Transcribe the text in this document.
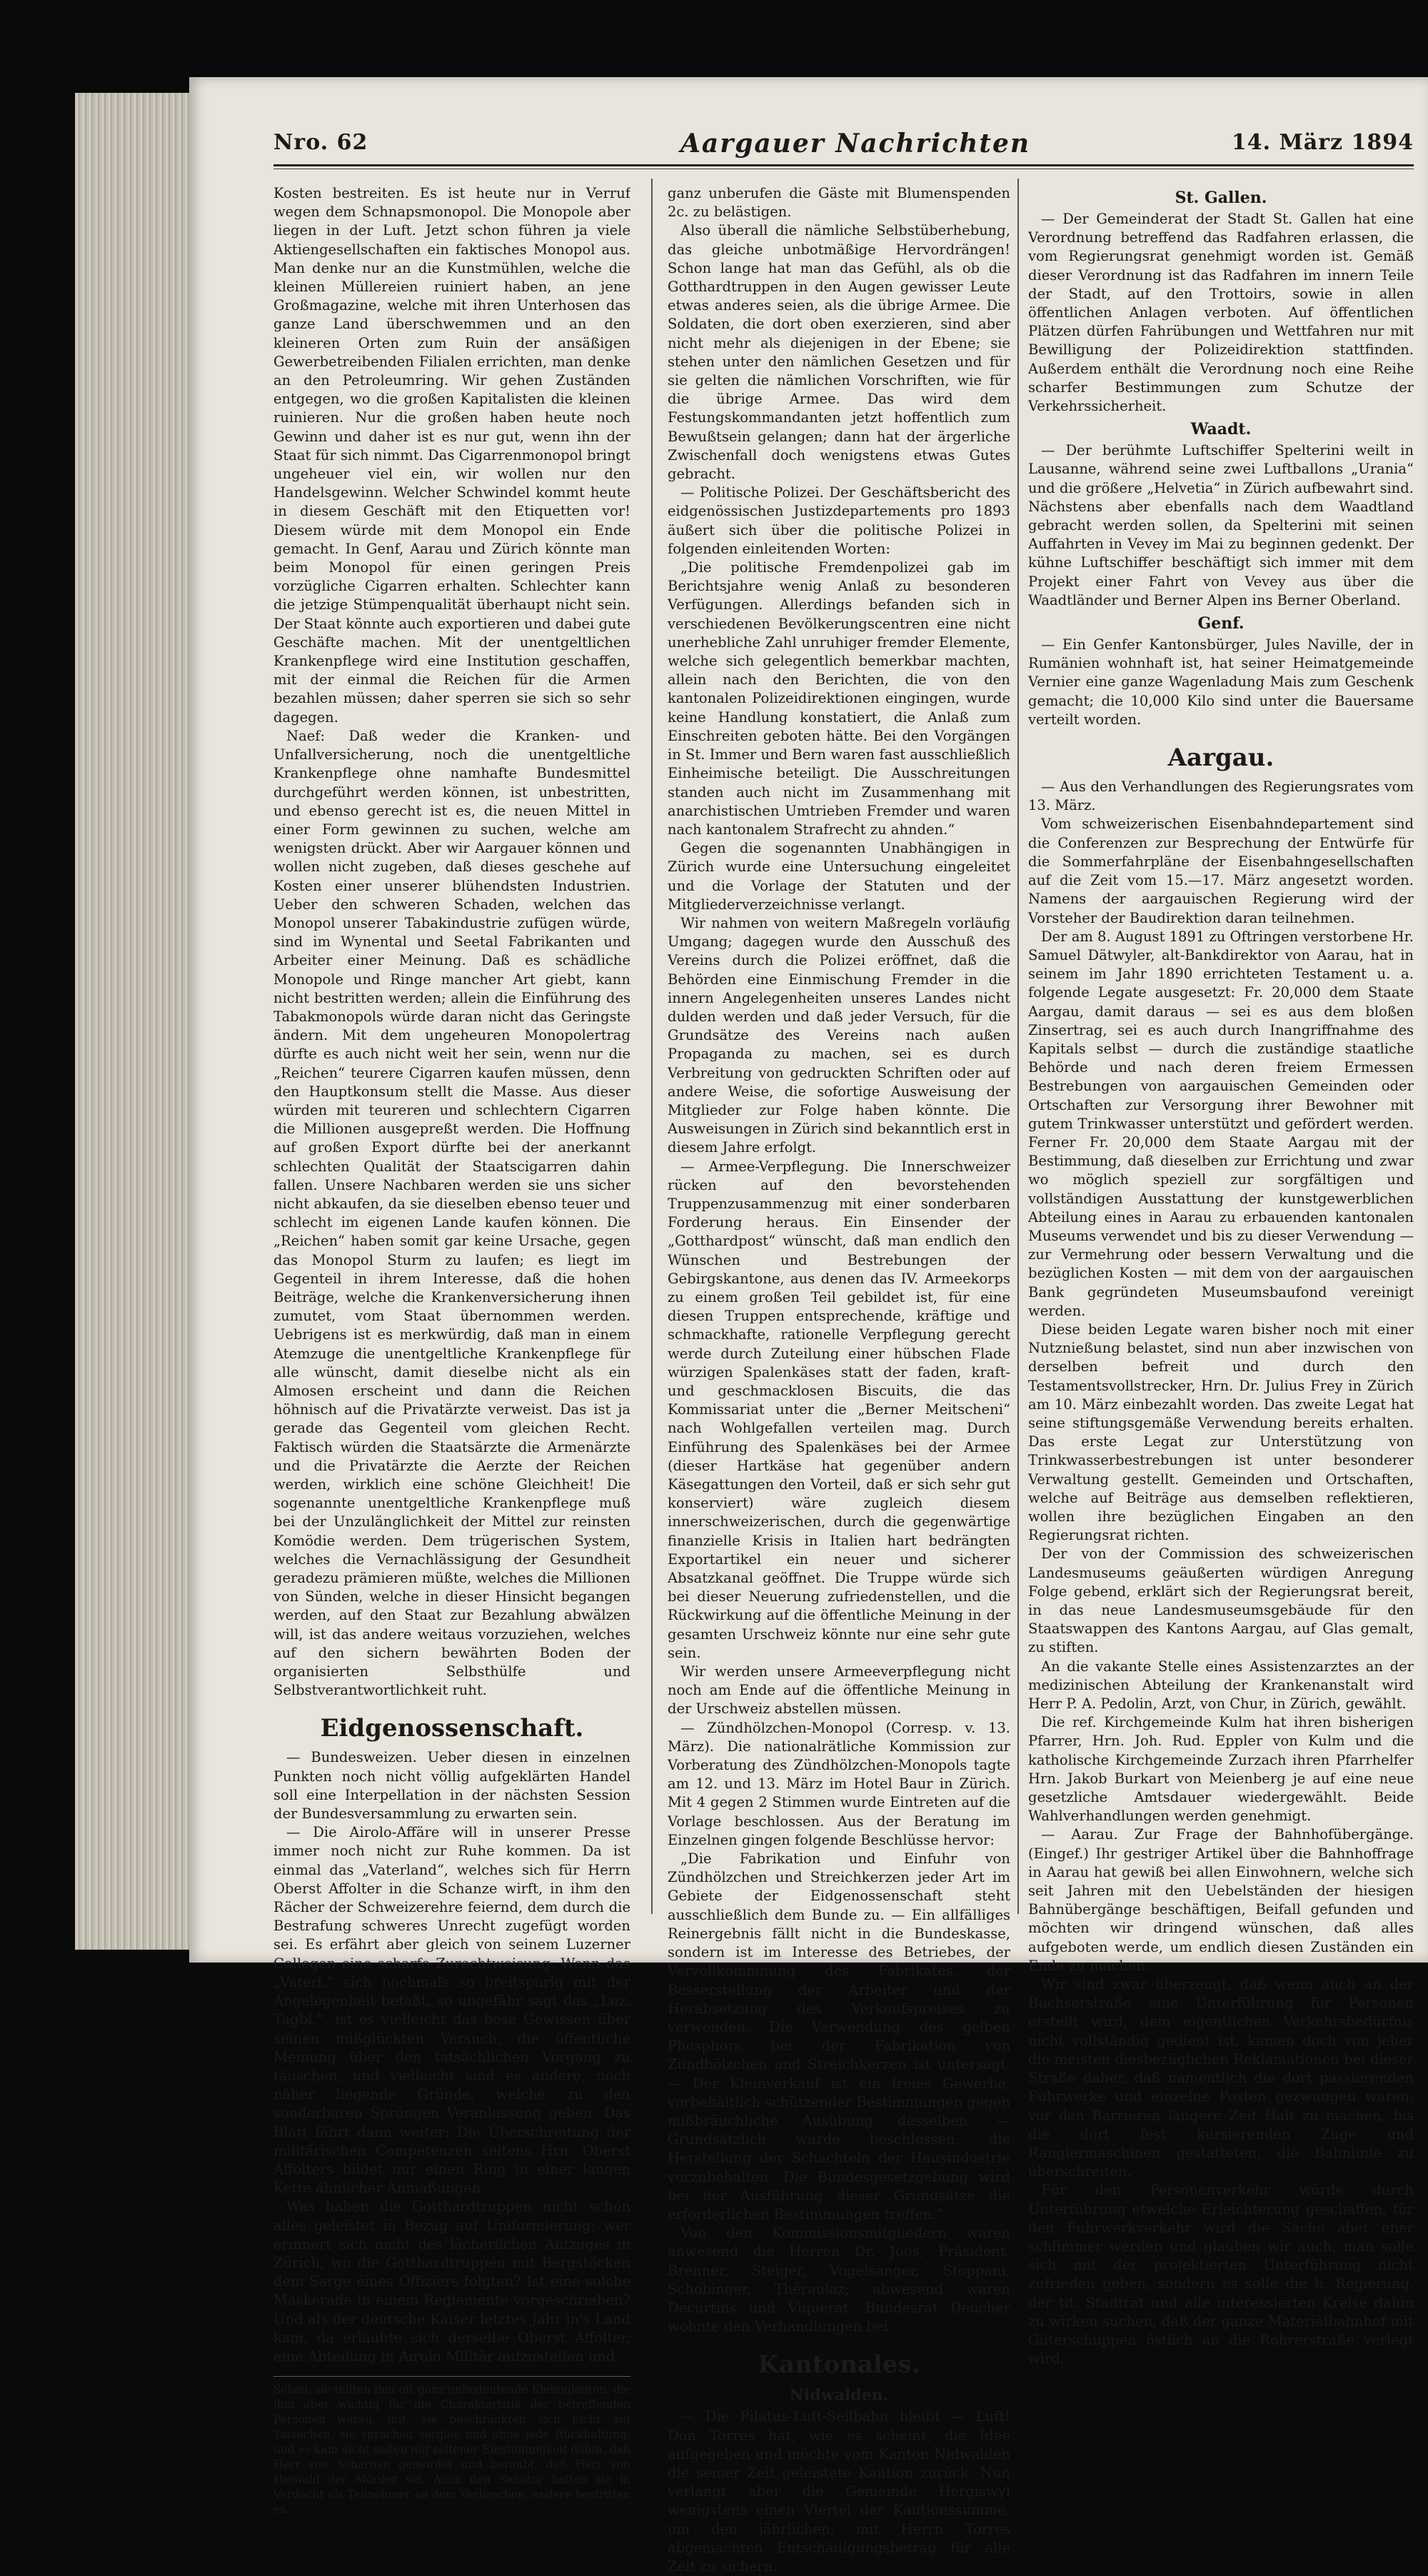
Nro. 62	Aargauer Nachrichten	14. März 1894

Kosten bestreiten. Es ist heute nur in Verruf wegen dem Schnapsmonopol. Die Monopole aber liegen in der Luft. Jetzt schon führen ja viele Aktiengesellschaften ein faktisches Monopol aus. Man denke nur an die Kunstmühlen, welche die kleinen Müllereien ruiniert haben, an jene Großmagazine, welche mit ihren Unterhosen das ganze Land überschwemmen und an den kleineren Orten zum Ruin der ansäßigen Gewerbetreibenden Filialen errichten, man denke an den Petroleumring. Wir gehen Zuständen entgegen, wo die großen Kapitalisten die kleinen ruinieren. Nur die großen haben heute noch Gewinn und daher ist es nur gut, wenn ihn der Staat für sich nimmt. Das Cigarrenmonopol bringt ungeheuer viel ein, wir wollen nur den Handelsgewinn. Welcher Schwindel kommt heute in diesem Geschäft mit den Etiquetten vor! Diesem würde mit dem Monopol ein Ende gemacht. In Genf, Aarau und Zürich könnte man beim Monopol für einen geringen Preis vorzügliche Cigarren erhalten. Schlechter kann die jetzige Stümpenqualität überhaupt nicht sein. Der Staat könnte auch exportieren und dabei gute Geschäfte machen. Mit der unentgeltlichen Krankenpflege wird eine Institution geschaffen, mit der einmal die Reichen für die Armen bezahlen müssen; daher sperren sie sich so sehr dagegen.

Naef: Daß weder die Kranken- und Unfallversicherung, noch die unentgeltliche Krankenpflege ohne namhafte Bundesmittel durchgeführt werden können, ist unbestritten, und ebenso gerecht ist es, die neuen Mittel in einer Form gewinnen zu suchen, welche am wenigsten drückt. Aber wir Aargauer können und wollen nicht zugeben, daß dieses geschehe auf Kosten einer unserer blühendsten Industrien. Ueber den schweren Schaden, welchen das Monopol unserer Tabakindustrie zufügen würde, sind im Wynental und Seetal Fabrikanten und Arbeiter einer Meinung. Daß es schädliche Monopole und Ringe mancher Art giebt, kann nicht bestritten werden; allein die Einführung des Tabakmonopols würde daran nicht das Geringste ändern. Mit dem ungeheuren Monopolertrag dürfte es auch nicht weit her sein, wenn nur die „Reichen“ teurere Cigarren kaufen müssen, denn den Hauptkonsum stellt die Masse. Aus dieser würden mit teureren und schlechtern Cigarren die Millionen ausgepreßt werden. Die Hoffnung auf großen Export dürfte bei der anerkannt schlechten Qualität der Staatscigarren dahin fallen. Unsere Nachbaren werden sie uns sicher nicht abkaufen, da sie dieselben ebenso teuer und schlecht im eigenen Lande kaufen können. Die „Reichen“ haben somit gar keine Ursache, gegen das Monopol Sturm zu laufen; es liegt im Gegenteil in ihrem Interesse, daß die hohen Beiträge, welche die Krankenversicherung ihnen zumutet, vom Staat übernommen werden. Uebrigens ist es merkwürdig, daß man in einem Atemzuge die unentgeltliche Krankenpflege für alle wünscht, damit dieselbe nicht als ein Almosen erscheint und dann die Reichen höhnisch auf die Privatärzte verweist. Das ist ja gerade das Gegenteil vom gleichen Recht. Faktisch würden die Staatsärzte die Armenärzte und die Privatärzte die Aerzte der Reichen werden, wirklich eine schöne Gleichheit! Die sogenannte unentgeltliche Krankenpflege muß bei der Unzulänglichkeit der Mittel zur reinsten Komödie werden. Dem trügerischen System, welches die Vernachlässigung der Gesundheit geradezu prämieren müßte, welches die Millionen von Sünden, welche in dieser Hinsicht begangen werden, auf den Staat zur Bezahlung abwälzen will, ist das andere weitaus vorzuziehen, welches auf den sichern bewährten Boden der organisierten Selbsthülfe und Selbstverantwortlichkeit ruht.

Eidgenossenschaft.

— Bundesweizen. Ueber diesen in einzelnen Punkten noch nicht völlig aufgeklärten Handel soll eine Interpellation in der nächsten Session der Bundesversammlung zu erwarten sein.

— Die Airolo-Affäre will in unserer Presse immer noch nicht zur Ruhe kommen. Da ist einmal das „Vaterland“, welches sich für Herrn Oberst Affolter in die Schanze wirft, in ihm den Rächer der Schweizerehre feiernd, dem durch die Bestrafung schweres Unrecht zugefügt worden sei. Es erfährt aber gleich von seinem Luzerner Collegen eine scharfe Zurechtweisung. Wenn das „Vaterl.“ sich nochmals so breitspurig mit der Angelegenheit befaßt, so ungefähr sagt das „Luz. Tagbl.“, ist es vielleicht das böse Gewissen über seinen mißglückten Versuch, die öffentliche Meinung über den tatsächlichen Vorgang zu täuschen, und vielleicht sind es andere, noch näher liegende Gründe, welche zu den sonderbaren Sprüngen Veranlassung geben. Das Blatt fährt dann weiter: Die Überschreitung der militärischen Competenzen seitens Hrn. Oberst Affolters bildet nur einen Ring in einer langen Kette ähnlicher Anmaßungen.

Was haben die Gotthardtruppen nicht schon alles geleistet in Bezug auf Uniformierung; wer erinnert sich nicht des lächerlichen Aufzuges in Zürich, wo die Gotthardtruppen mit Bergstöcken dem Sarge eines Offiziers folgten? Ist eine solche Maskerade in einem Reglemente vorgeschrieben? Und als der deutsche Kaiser letztes Jahr in's Land kam, da erlaubte sich derselbe Oberst Affolter, eine Abteilung in Airolo Militär aufzustellen und

Schau, sie teilten ihm oft ganz unbedeutende Kleinigkeiten, die ihm aber wichtig für die Charakteristik der betreffenden Personen waren, mit; sie beschränkten sich nicht auf Tatsachen, sie sprachen sorglos und ohne jede Rückhaltung; und es kam nicht selten mit seltener Einstimmigkeit dahin, daß Herr von Scharnau gemordet und beraubt, daß Herr von Heiwald der Mörder sei. Auch den Senator hatten sie in Verdacht als Teilnehmer an dem Verbrechen, andere bestritten es.

ganz unberufen die Gäste mit Blumenspenden 2c. zu belästigen.

Also überall die nämliche Selbstüberhebung, das gleiche unbotmäßige Hervordrängen! Schon lange hat man das Gefühl, als ob die Gotthardtruppen in den Augen gewisser Leute etwas anderes seien, als die übrige Armee. Die Soldaten, die dort oben exerzieren, sind aber nicht mehr als diejenigen in der Ebene; sie stehen unter den nämlichen Gesetzen und für sie gelten die nämlichen Vorschriften, wie für die übrige Armee. Das wird dem Festungskommandanten jetzt hoffentlich zum Bewußtsein gelangen; dann hat der ärgerliche Zwischenfall doch wenigstens etwas Gutes gebracht.

— Politische Polizei. Der Geschäftsbericht des eidgenössischen Justizdepartements pro 1893 äußert sich über die politische Polizei in folgenden einleitenden Worten:

„Die politische Fremdenpolizei gab im Berichtsjahre wenig Anlaß zu besonderen Verfügungen. Allerdings befanden sich in verschiedenen Bevölkerungscentren eine nicht unerhebliche Zahl unruhiger fremder Elemente, welche sich gelegentlich bemerkbar machten, allein nach den Berichten, die von den kantonalen Polizeidirektionen eingingen, wurde keine Handlung konstatiert, die Anlaß zum Einschreiten geboten hätte. Bei den Vorgängen in St. Immer und Bern waren fast ausschließlich Einheimische beteiligt. Die Ausschreitungen standen auch nicht im Zusammenhang mit anarchistischen Umtrieben Fremder und waren nach kantonalem Strafrecht zu ahnden.“

Gegen die sogenannten Unabhängigen in Zürich wurde eine Untersuchung eingeleitet und die Vorlage der Statuten und der Mitgliederverzeichnisse verlangt.

Wir nahmen von weitern Maßregeln vorläufig Umgang; dagegen wurde den Ausschuß des Vereins durch die Polizei eröffnet, daß die Behörden eine Einmischung Fremder in die innern Angelegenheiten unseres Landes nicht dulden werden und daß jeder Versuch, für die Grundsätze des Vereins nach außen Propaganda zu machen, sei es durch Verbreitung von gedruckten Schriften oder auf andere Weise, die sofortige Ausweisung der Mitglieder zur Folge haben könnte. Die Ausweisungen in Zürich sind bekanntlich erst in diesem Jahre erfolgt.

— Armee-Verpflegung. Die Innerschweizer rücken auf den bevorstehenden Truppenzusammenzug mit einer sonderbaren Forderung heraus. Ein Einsender der „Gotthardpost“ wünscht, daß man endlich den Wünschen und Bestrebungen der Gebirgskantone, aus denen das IV. Armeekorps zu einem großen Teil gebildet ist, für eine diesen Truppen entsprechende, kräftige und schmackhafte, rationelle Verpflegung gerecht werde durch Zuteilung einer hübschen Flade würzigen Spalenkäses statt der faden, kraft- und geschmacklosen Biscuits, die das Kommissariat unter die „Berner Meitscheni“ nach Wohlgefallen verteilen mag. Durch Einführung des Spalenkäses bei der Armee (dieser Hartkäse hat gegenüber andern Käsegattungen den Vorteil, daß er sich sehr gut konserviert) wäre zugleich diesem innerschweizerischen, durch die gegenwärtige finanzielle Krisis in Italien hart bedrängten Exportartikel ein neuer und sicherer Absatzkanal geöffnet. Die Truppe würde sich bei dieser Neuerung zufriedenstellen, und die Rückwirkung auf die öffentliche Meinung in der gesamten Urschweiz könnte nur eine sehr gute sein.

Wir werden unsere Armeeverpflegung nicht noch am Ende auf die öffentliche Meinung in der Urschweiz abstellen müssen.

— Zündhölzchen-Monopol (Corresp. v. 13. März). Die nationalrätliche Kommission zur Vorberatung des Zündhölzchen-Monopols tagte am 12. und 13. März im Hotel Baur in Zürich. Mit 4 gegen 2 Stimmen wurde Eintreten auf die Vorlage beschlossen. Aus der Beratung im Einzelnen gingen folgende Beschlüsse hervor:

„Die Fabrikation und Einfuhr von Zündhölzchen und Streichkerzen jeder Art im Gebiete der Eidgenossenschaft steht ausschließlich dem Bunde zu. — Ein allfälliges Reinergebnis fällt nicht in die Bundeskasse, sondern ist im Interesse des Betriebes, der Vervollkommnung des Fabrikates, der Besserstellung der Arbeiter und der Herabsetzung des Verkaufspreises zu verwenden. Die Verwendung des gelben Phosphors bei der Fabrikation von Zündhölzchen und Streichkerzen ist untersagt. — Der Kleinverkauf ist ein freies Gewerbe, vorbehältlich schützender Bestimmungen gegen mißbräuchliche Ausübung desselben. — Grundsätzlich wurde beschlossen, die Herstellung der Schachteln der Hausindustrie vorzubehalten. Die Bundesgesetzgebung wird bei der Ausführung dieser Grundsätze die erforderlichen Bestimmungen treffen.“

Von den Kommissionsmitgliedern waren anwesend die Herren Dr. Joos, Präsident, Brenner, Steiger, Vogelsanger, Stoppani, Schobinger, Théraulaz; abwesend waren Decurtins und Viquerat. Bundesrat Deucher wohnte den Verhandlungen bei.

Kantonales.
Nidwalden.

— Die Pilatus-Luft-Seilbahn bleibt — Luft! Don Torres hat, wie es scheint, die Idee aufgegeben und möchte vom Kanton Nidwalden die seiner Zeit geleistete Kaution zurück. Nun verlangt aber die Gemeinde Hergiswyl wenigstens einen Viertel der Kautionssumme, um den jährlichen, mit Herrn Torres abgemachten Entschädigungsbetrag für alle Zeit zu sichern.

St. Gallen.

— Der Gemeinderat der Stadt St. Gallen hat eine Verordnung betreffend das Radfahren erlassen, die vom Regierungsrat genehmigt worden ist. Gemäß dieser Verordnung ist das Radfahren im innern Teile der Stadt, auf den Trottoirs, sowie in allen öffentlichen Anlagen verboten. Auf öffentlichen Plätzen dürfen Fahrübungen und Wettfahren nur mit Bewilligung der Polizeidirektion stattfinden. Außerdem enthält die Verordnung noch eine Reihe scharfer Bestimmungen zum Schutze der Verkehrssicherheit.

Waadt.

— Der berühmte Luftschiffer Spelterini weilt in Lausanne, während seine zwei Luftballons „Urania“ und die größere „Helvetia“ in Zürich aufbewahrt sind. Nächstens aber ebenfalls nach dem Waadtland gebracht werden sollen, da Spelterini mit seinen Auffahrten in Vevey im Mai zu beginnen gedenkt. Der kühne Luftschiffer beschäftigt sich immer mit dem Projekt einer Fahrt von Vevey aus über die Waadtländer und Berner Alpen ins Berner Oberland.

Genf.

— Ein Genfer Kantonsbürger, Jules Naville, der in Rumänien wohnhaft ist, hat seiner Heimatgemeinde Vernier eine ganze Wagenladung Mais zum Geschenk gemacht; die 10,000 Kilo sind unter die Bauersame verteilt worden.

Aargau.

— Aus den Verhandlungen des Regierungsrates vom 13. März.

Vom schweizerischen Eisenbahndepartement sind die Conferenzen zur Besprechung der Entwürfe für die Sommerfahrpläne der Eisenbahngesellschaften auf die Zeit vom 15.—17. März angesetzt worden. Namens der aargauischen Regierung wird der Vorsteher der Baudirektion daran teilnehmen.

Der am 8. August 1891 zu Oftringen verstorbene Hr. Samuel Dätwyler, alt-Bankdirektor von Aarau, hat in seinem im Jahr 1890 errichteten Testament u. a. folgende Legate ausgesetzt: Fr. 20,000 dem Staate Aargau, damit daraus — sei es aus dem bloßen Zinsertrag, sei es auch durch Inangriffnahme des Kapitals selbst — durch die zuständige staatliche Behörde und nach deren freiem Ermessen Bestrebungen von aargauischen Gemeinden oder Ortschaften zur Versorgung ihrer Bewohner mit gutem Trinkwasser unterstützt und gefördert werden. Ferner Fr. 20,000 dem Staate Aargau mit der Bestimmung, daß dieselben zur Errichtung und zwar wo möglich speziell zur sorgfältigen und vollständigen Ausstattung der kunstgewerblichen Abteilung eines in Aarau zu erbauenden kantonalen Museums verwendet und bis zu dieser Verwendung — zur Vermehrung oder bessern Verwaltung und die bezüglichen Kosten — mit dem von der aargauischen Bank gegründeten Museumsbaufond vereinigt werden.

Diese beiden Legate waren bisher noch mit einer Nutznießung belastet, sind nun aber inzwischen von derselben befreit und durch den Testamentsvollstrecker, Hrn. Dr. Julius Frey in Zürich am 10. März einbezahlt worden. Das zweite Legat hat seine stiftungsgemäße Verwendung bereits erhalten. Das erste Legat zur Unterstützung von Trinkwasserbestrebungen ist unter besonderer Verwaltung gestellt. Gemeinden und Ortschaften, welche auf Beiträge aus demselben reflektieren, wollen ihre bezüglichen Eingaben an den Regierungsrat richten.

Der von der Commission des schweizerischen Landesmuseums geäußerten würdigen Anregung Folge gebend, erklärt sich der Regierungsrat bereit, in das neue Landesmuseumsgebäude für den Staatswappen des Kantons Aargau, auf Glas gemalt, zu stiften.

An die vakante Stelle eines Assistenzarztes an der medizinischen Abteilung der Krankenanstalt wird Herr P. A. Pedolin, Arzt, von Chur, in Zürich, gewählt.

Die ref. Kirchgemeinde Kulm hat ihren bisherigen Pfarrer, Hrn. Joh. Rud. Eppler von Kulm und die katholische Kirchgemeinde Zurzach ihren Pfarrhelfer Hrn. Jakob Burkart von Meienberg je auf eine neue gesetzliche Amtsdauer wiedergewählt. Beide Wahlverhandlungen werden genehmigt.

— Aarau. Zur Frage der Bahnhofübergänge. (Eingef.) Ihr gestriger Artikel über die Bahnhoffrage in Aarau hat gewiß bei allen Einwohnern, welche sich seit Jahren mit den Uebelständen der hiesigen Bahnübergänge beschäftigen, Beifall gefunden und möchten wir dringend wünschen, daß alles aufgeboten werde, um endlich diesen Zuständen ein Ende zu machen.

Wir sind zwar überzeugt, daß wenn auch an der Buchserstraße eine Unterführung für Personen erstellt wird, dem eigentlichen Verkehrsbedürfnis nicht vollständig gedient ist, kamen doch von jeher die meisten diesbezüglichen Reklamationen bei dieser Straße daher, daß namentlich die dort passierenden Fuhrwerke und einzelne Posten gezwungen waren, vor den Barrieren längere Zeit Halt zu machen, bis die dort fest kursierenden Zuge und Rangiermaschinen gestatteten, die Bahnlinie zu überschreiten.

Für den Personenverkehr würde durch Unterführung etwelche Erleichterung geschaffen, für den Fuhrwerkverkehr wird die Sache aber eher schlimmer werden und glauben wir auch, man solle sich mit der projektierten Unterführung nicht zufrieden geben, sondern es solle die h. Regierung, der tit. Stadtrat und alle interessierten Kreise dahin zu wirken suchen, daß der ganze Materialbahnhof mit Güterschuppen östlich an die Rohrerstraße verlegt wird.
